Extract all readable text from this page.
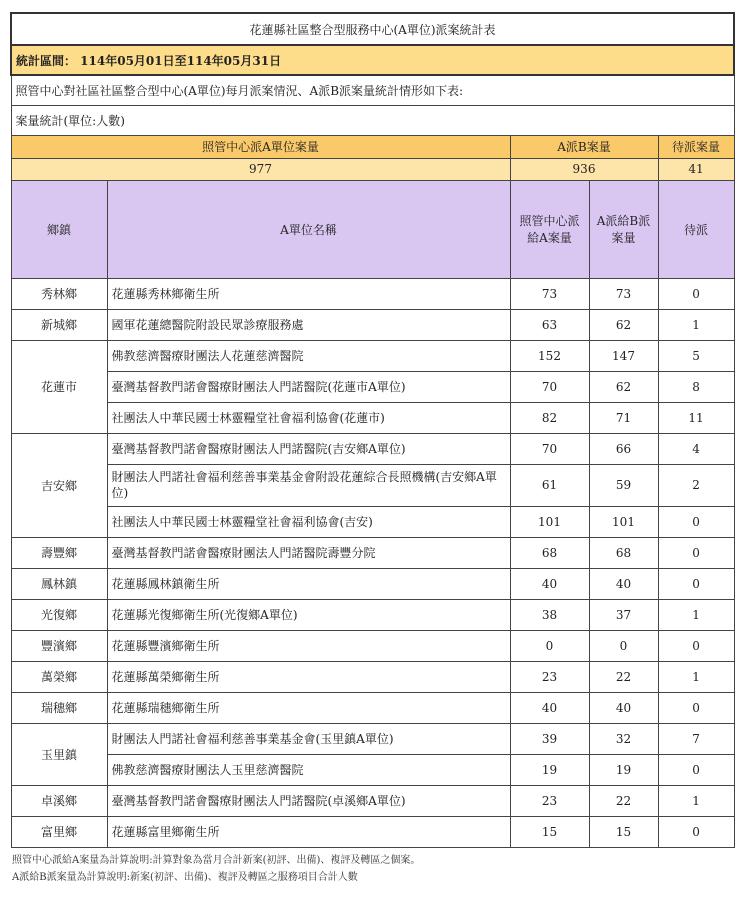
花蓮縣社區整合型服務中心(A單位)派案統計表				
統計區間： 114年05月01日至114年05月31日				
照管中心對社區社區整合型中心(A單位)每月派案情況、A派B派案量統計情形如下表:				
案量統計(單位:人數)				
照管中心派A單位案量		A派B案量		待派案量
977		936		41
鄉鎮	A單位名稱	照管中心派給A案量	A派給B派案量	待派
秀林鄉	花蓮縣秀林鄉衛生所	73	73	0
新城鄉	國軍花蓮總醫院附設民眾診療服務處	63	62	1
花蓮市	佛教慈濟醫療財團法人花蓮慈濟醫院	152	147	5
	臺灣基督教門諾會醫療財團法人門諾醫院(花蓮市A單位)	70	62	8
	社團法人中華民國士林靈糧堂社會福利協會(花蓮市)	82	71	11
吉安鄉	臺灣基督教門諾會醫療財團法人門諾醫院(吉安鄉A單位)	70	66	4
	財團法人門諾社會福利慈善事業基金會附設花蓮綜合長照機構(吉安鄉A單位)	61	59	2
	社團法人中華民國士林靈糧堂社會福利協會(吉安)	101	101	0
壽豐鄉	臺灣基督教門諾會醫療財團法人門諾醫院壽豐分院	68	68	0
鳳林鎮	花蓮縣鳳林鎮衛生所	40	40	0
光復鄉	花蓮縣光復鄉衛生所(光復鄉A單位)	38	37	1
豐濱鄉	花蓮縣豐濱鄉衛生所	0	0	0
萬榮鄉	花蓮縣萬榮鄉衛生所	23	22	1
瑞穗鄉	花蓮縣瑞穗鄉衛生所	40	40	0
玉里鎮	財團法人門諾社會福利慈善事業基金會(玉里鎮A單位)	39	32	7
	佛教慈濟醫療財團法人玉里慈濟醫院	19	19	0
卓溪鄉	臺灣基督教門諾會醫療財團法人門諾醫院(卓溪鄉A單位)	23	22	1
富里鄉	花蓮縣富里鄉衛生所	15	15	0
照管中心派給A案量為計算說明:計算對象為當月合計新案(初評、出備)、複評及轉區之個案。
A派給B派案量為計算說明:新案(初評、出備)、複評及轉區之服務項目合計人數
